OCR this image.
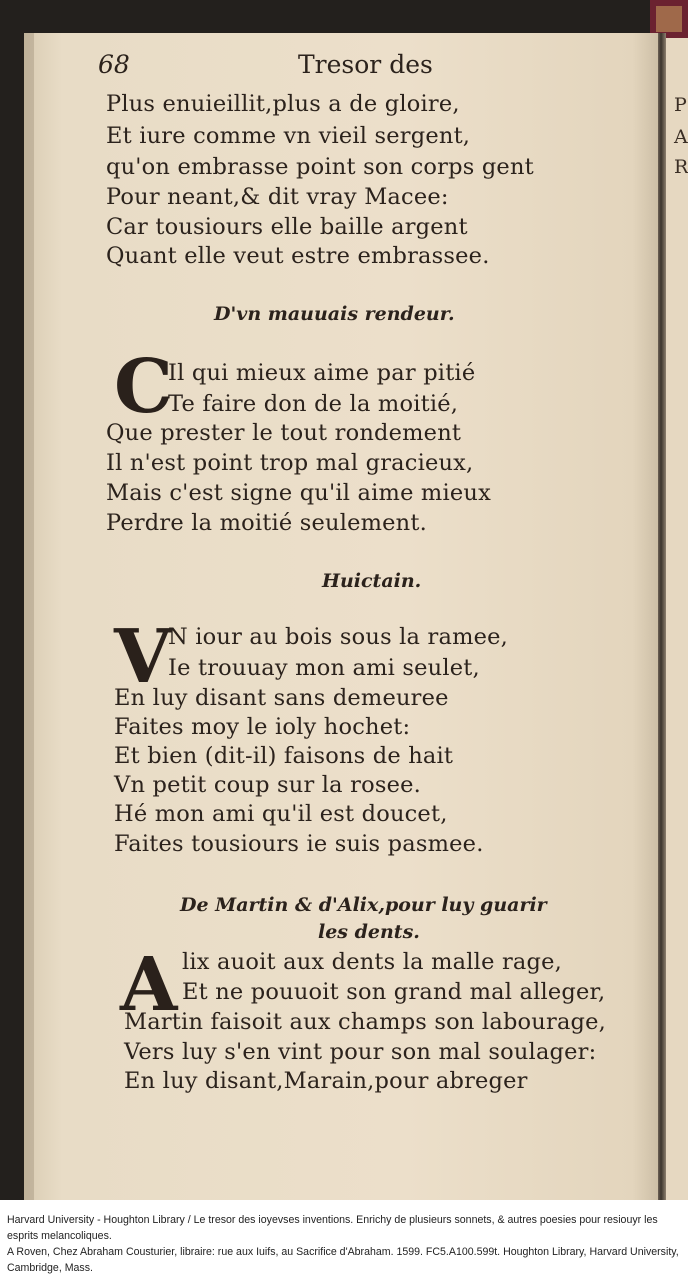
P
A
R
68	Tresor des
Plus enuieillit,plus a de gloire,
Et iure comme vn vieil sergent,
qu'on embrasse point son corps gent
Pour neant,& dit vray Macee:
Car tousiours elle baille argent
Quant elle veut estre embrassee.
D'vn mauuais rendeur.
C
Il qui mieux aime par pitié
Te faire don de la moitié,
Que prester le tout rondement
Il n'est point trop mal gracieux,
Mais c'est signe qu'il aime mieux
Perdre la moitié seulement.
Huictain.
V
N iour au bois sous la ramee,
Ie trouuay mon ami seulet,
En luy disant sans demeuree
Faites moy le ioly hochet:
Et bien (dit-il) faisons de hait
Vn petit coup sur la rosee.
Hé mon ami qu'il est doucet,
Faites tousiours ie suis pasmee.
De Martin & d'Alix,pour luy guarir
les dents.
A lix auoit aux dents la malle rage,
Et ne pouuoit son grand mal alleger,
Martin faisoit aux champs son labourage,
Vers luy s'en vint pour son mal soulager:
En luy disant,Marain,pour abreger
Harvard University - Houghton Library / Le tresor des ioyevses inventions. Enrichy de plusieurs sonnets, & autres poesies pour resiouyr les esprits melancoliques.
A Roven, Chez Abraham Cousturier, libraire: rue aux Iuifs, au Sacrifice d'Abraham. 1599. FC5.A100.599t. Houghton Library, Harvard University, Cambridge, Mass.
